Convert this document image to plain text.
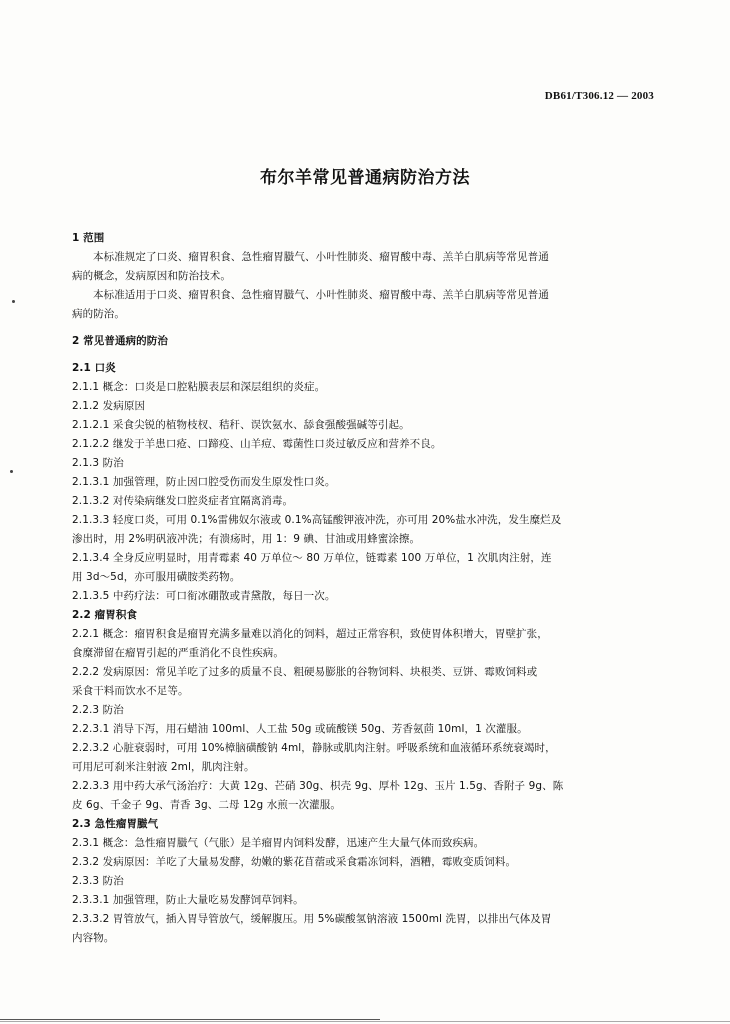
DB61/T306.12 — 2003
布尔羊常见普通病防治方法

1 范围

本标准规定了口炎、瘤胃积食、急性瘤胃臌气、小叶性肺炎、瘤胃酸中毒、羔羊白肌病等常见普通

病的概念，发病原因和防治技术。

本标准适用于口炎、瘤胃积食、急性瘤胃臌气、小叶性肺炎、瘤胃酸中毒、羔羊白肌病等常见普通

病的防治。

2 常见普通病的防治

2.1 口炎

2.1.1 概念：口炎是口腔粘膜表层和深层组织的炎症。

2.1.2 发病原因

2.1.2.1 采食尖锐的植物枝杈、秸秆、误饮氨水、舔食强酸强碱等引起。

2.1.2.2 继发于羊患口疮、口蹄疫、山羊痘、霉菌性口炎过敏反应和营养不良。

2.1.3 防治

2.1.3.1 加强管理，防止因口腔受伤而发生原发性口炎。

2.1.3.2 对传染病继发口腔炎症者宜隔离消毒。

2.1.3.3 轻度口炎，可用 0.1%雷佛奴尔液或 0.1%高锰酸钾液冲洗，亦可用 20%盐水冲洗，发生糜烂及

渗出时，用 2%明矾液冲洗；有溃疡时，用 1：9 碘、甘油或用蜂蜜涂擦。

2.1.3.4 全身反应明显时，用青霉素 40 万单位～ 80 万单位，链霉素 100 万单位，1 次肌肉注射，连

用 3d～5d，亦可服用磺胺类药物。

2.1.3.5 中药疗法：可口衔冰硼散或青黛散，每日一次。

2.2 瘤胃积食

2.2.1 概念：瘤胃积食是瘤胃充满多量难以消化的饲料，超过正常容积，致使胃体积增大，胃壁扩张，

食糜滞留在瘤胃引起的严重消化不良性疾病。

2.2.2 发病原因：常见羊吃了过多的质量不良、粗硬易膨胀的谷物饲料、块根类、豆饼、霉败饲料或

采食干料而饮水不足等。

2.2.3 防治

2.2.3.1 消导下泻，用石蜡油 100ml、人工盐 50g 或硫酸镁 50g、芳香氨茴 10ml，1 次灌服。

2.2.3.2 心脏衰弱时，可用 10%樟脑磺酸钠 4ml，静脉或肌肉注射。呼吸系统和血液循环系统衰竭时，

可用尼可刹米注射液 2ml，肌肉注射。

2.2.3.3 用中药大承气汤治疗：大黄 12g、芒硝 30g、枳壳 9g、厚朴 12g、玉片 1.5g、香附子 9g、陈

皮 6g、千金子 9g、青香 3g、二母 12g 水煎一次灌服。

2.3 急性瘤胃臌气

2.3.1 概念：急性瘤胃臌气（气胀）是羊瘤胃内饲料发酵，迅速产生大量气体而致疾病。

2.3.2 发病原因：羊吃了大量易发酵，幼嫩的紫花苜蓿或采食霜冻饲料，酒糟，霉败变质饲料。

2.3.3 防治

2.3.3.1 加强管理，防止大量吃易发酵饲草饲料。

2.3.3.2 胃管放气，插入胃导管放气，缓解腹压。用 5%碳酸氢钠溶液 1500ml 洗胃，以排出气体及胃

内容物。
